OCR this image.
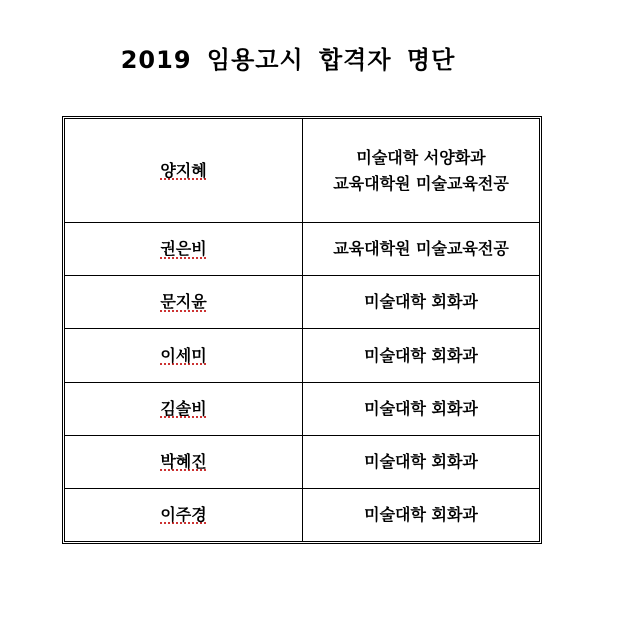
2019 임용고시 합격자 명단
양지혜	미술대학 서양화과
교육대학원 미술교육전공

권은비	교육대학원 미술교육전공

문지윤	미술대학 회화과

이세미	미술대학 회화과

김솔비	미술대학 회화과

박혜진	미술대학 회화과

이주경	미술대학 회화과
